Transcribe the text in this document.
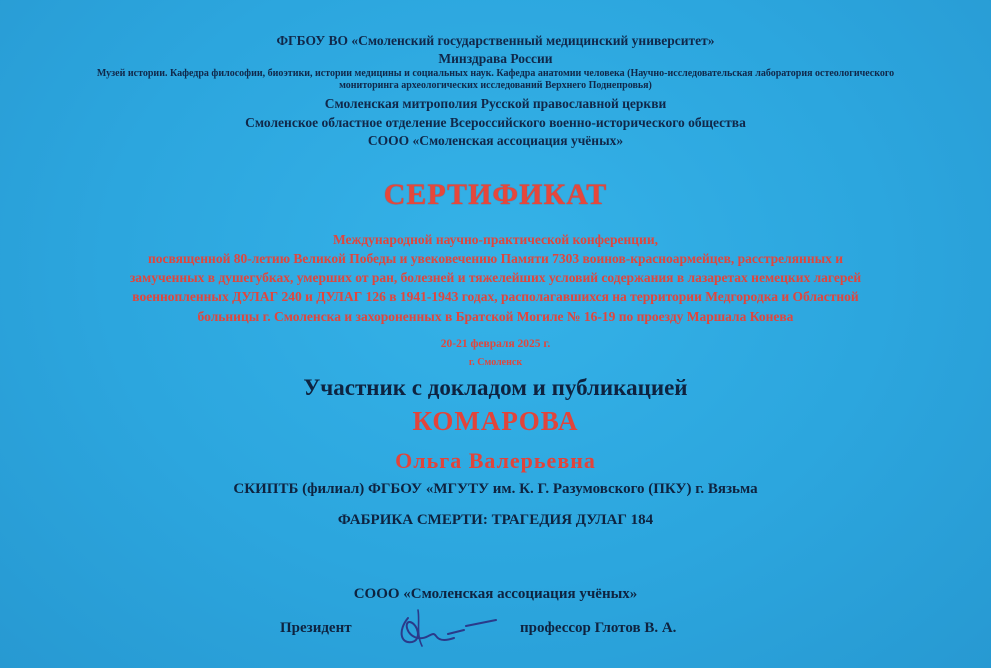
ФГБОУ ВО «Смоленский государственный медицинский университет»
Минздрава России
Музей истории. Кафедра философии, биоэтики, истории медицины и социальных наук. Кафедра анатомии человека (Научно-исследовательская лаборатория остеологического
мониторинга археологических исследований Верхнего Поднепровья)
Смоленская митрополия Русской православной церкви
Смоленское областное отделение Всероссийского военно-исторического общества
СООО «Смоленская ассоциация учёных»
СЕРТИФИКАТ
Международной научно-практической конференции,
посвященной 80-летию Великой Победы и увековечению Памяти 7303 воинов-красноармейцев, расстрелянных и
замученных в душегубках, умерших от ран, болезней и тяжелейших условий содержания в лазаретах немецких лагерей
военнопленных ДУЛАГ 240 и ДУЛАГ 126 в 1941-1943 годах, располагавшихся на территории Медгородка и Областной
больницы г. Смоленска и захороненных в Братской Могиле № 16-19 по проезду Маршала Конева
20-21 февраля 2025 г.
г. Смоленск
Участник с докладом и публикацией
КОМАРОВА
Ольга Валерьевна
СКИПТБ (филиал) ФГБОУ «МГУТУ им. К. Г. Разумовского (ПКУ) г. Вязьма
ФАБРИКА СМЕРТИ: ТРАГЕДИЯ ДУЛАГ 184
СООО «Смоленская ассоциация учёных»
Президент	профессор Глотов В. А.
